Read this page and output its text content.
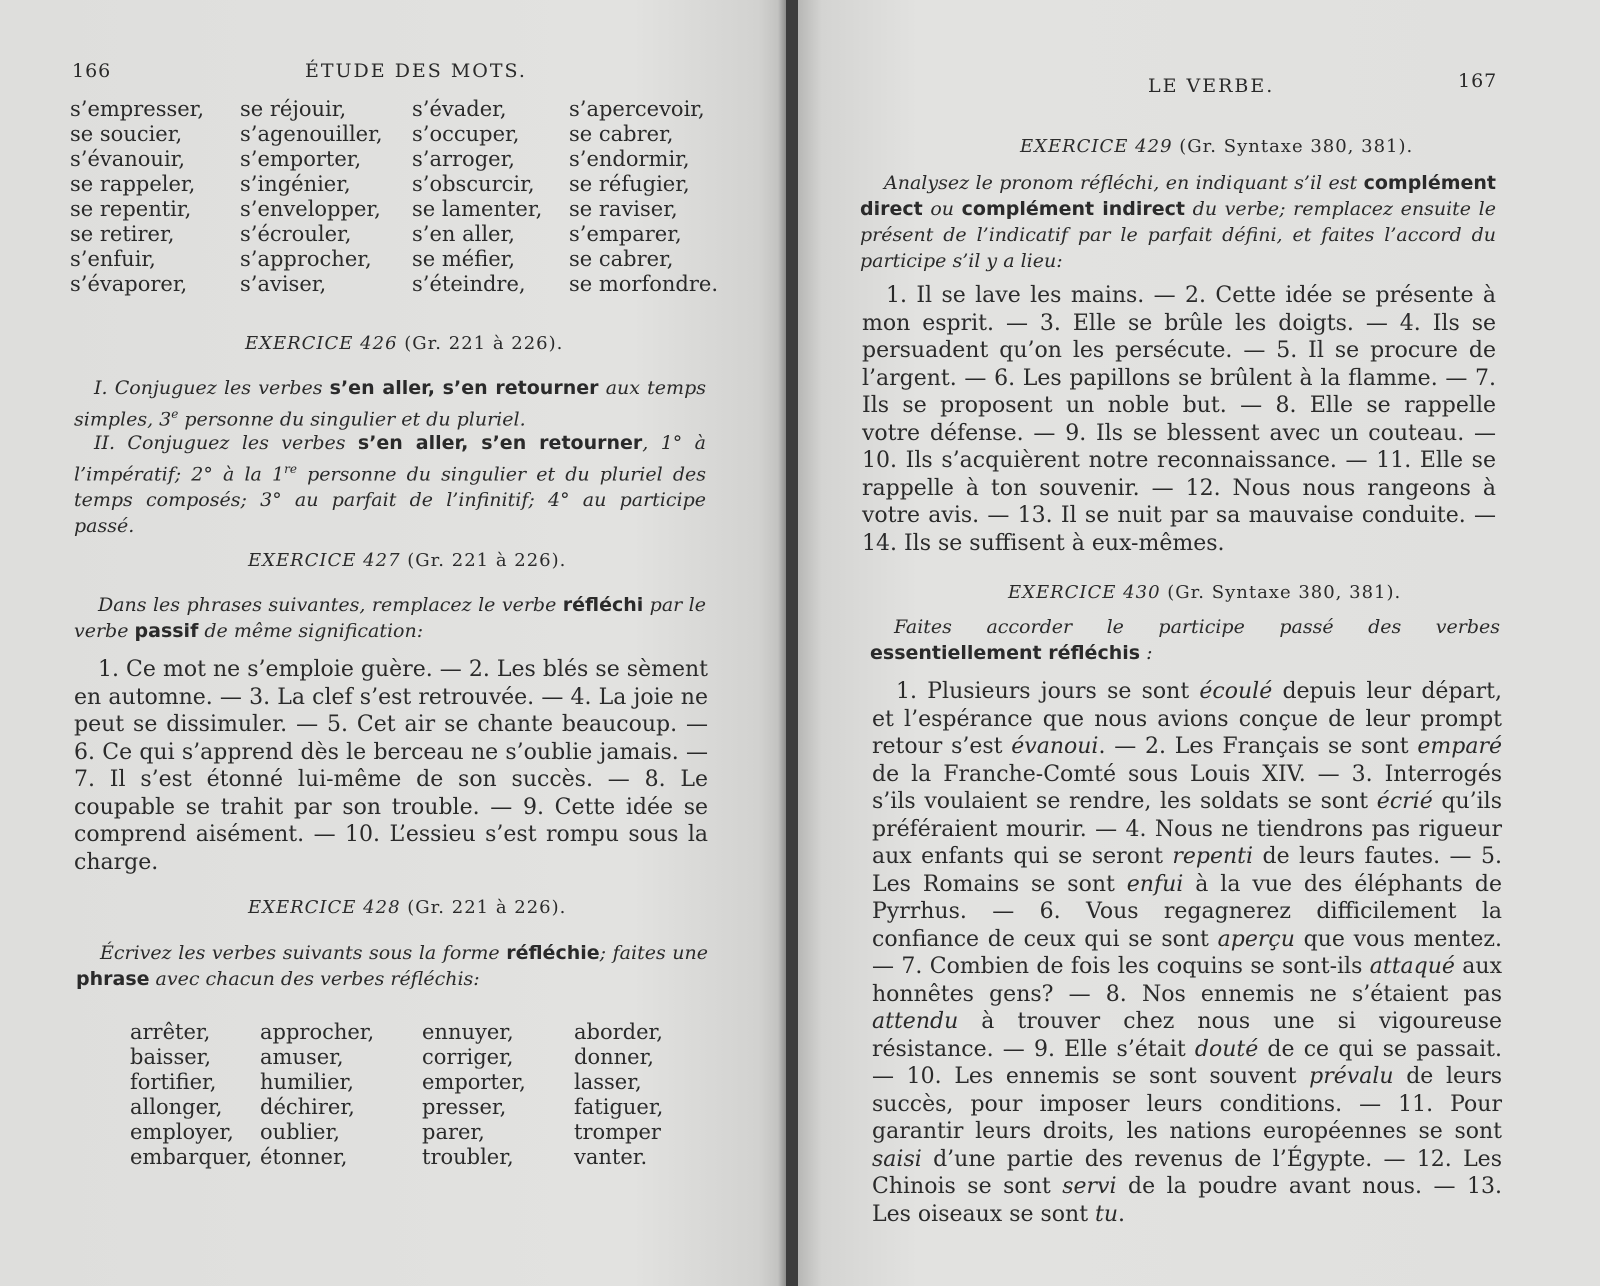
166	ÉTUDE DES MOTS.
s’empresser,	se réjouir,	s’évader,	s’apercevoir,
se soucier,	s’agenouiller,	s’occuper,	se cabrer,
s’évanouir,	s’emporter,	s’arroger,	s’endormir,
se rappeler,	s’ingénier,	s’obscurcir,	se réfugier,
se repentir,	s’envelopper,	se lamenter,	se raviser,
se retirer,	s’écrouler,	s’en aller,	s’emparer,
s’enfuir,	s’approcher,	se méfier,	se cabrer,
s’évaporer,	s’aviser,	s’éteindre,	se morfondre.
EXERCICE 426 (Gr. 221 à 226).
I. Conjuguez les verbes s’en aller, s’en retourner aux temps simples, 3e personne du singulier et du pluriel.
II. Conjuguez les verbes s’en aller, s’en retourner, 1° à l’impératif; 2° à la 1re personne du singulier et du pluriel des temps composés; 3° au parfait de l’infinitif; 4° au participe passé.
EXERCICE 427 (Gr. 221 à 226).
Dans les phrases suivantes, remplacez le verbe réfléchi par le verbe passif de même signification:
1. Ce mot ne s’emploie guère. — 2. Les blés se sèment en automne. — 3. La clef s’est retrouvée. — 4. La joie ne peut se dissimuler. — 5. Cet air se chante beaucoup. — 6. Ce qui s’apprend dès le berceau ne s’oublie jamais. — 7. Il s’est étonné lui-même de son succès. — 8. Le coupable se trahit par son trouble. — 9. Cette idée se comprend aisément. — 10. L’essieu s’est rompu sous la charge.
EXERCICE 428 (Gr. 221 à 226).
Écrivez les verbes suivants sous la forme réfléchie; faites une phrase avec chacun des verbes réfléchis:
arrêter,	approcher,	ennuyer,	aborder,
baisser,	amuser,	corriger,	donner,
fortifier,	humilier,	emporter,	lasser,
allonger,	déchirer,	presser,	fatiguer,
employer,	oublier,	parer,	tromper
embarquer, étonner,	troubler,	vanter.
LE VERBE.	167
EXERCICE 429 (Gr. Syntaxe 380, 381).
Analysez le pronom réfléchi, en indiquant s’il est complément direct ou complément indirect du verbe; remplacez ensuite le présent de l’indicatif par le parfait défini, et faites l’accord du participe s’il y a lieu:
1. Il se lave les mains. — 2. Cette idée se présente à mon esprit. — 3. Elle se brûle les doigts. — 4. Ils se persuadent qu’on les persécute. — 5. Il se procure de l’argent. — 6. Les papillons se brûlent à la flamme. — 7. Ils se proposent un noble but. — 8. Elle se rappelle votre défense. — 9. Ils se blessent avec un couteau. — 10. Ils s’acquièrent notre reconnaissance. — 11. Elle se rappelle à ton souvenir. — 12. Nous nous rangeons à votre avis. — 13. Il se nuit par sa mauvaise conduite. — 14. Ils se suffisent à eux-mêmes.
EXERCICE 430 (Gr. Syntaxe 380, 381).
Faites accorder le participe passé des verbes essentiellement réfléchis :
1. Plusieurs jours se sont écoulé depuis leur départ, et l’espérance que nous avions conçue de leur prompt retour s’est évanoui. — 2. Les Français se sont emparé de la Franche-Comté sous Louis XIV. — 3. Interrogés s’ils voulaient se rendre, les soldats se sont écrié qu’ils préféraient mourir. — 4. Nous ne tiendrons pas rigueur aux enfants qui se seront repenti de leurs fautes. — 5. Les Romains se sont enfui à la vue des éléphants de Pyrrhus. — 6. Vous regagnerez difficilement la confiance de ceux qui se sont aperçu que vous mentez. — 7. Combien de fois les coquins se sont-ils attaqué aux honnêtes gens? — 8. Nos ennemis ne s’étaient pas attendu à trouver chez nous une si vigoureuse résistance. — 9. Elle s’était douté de ce qui se passait. — 10. Les ennemis se sont souvent prévalu de leurs succès, pour imposer leurs conditions. — 11. Pour garantir leurs droits, les nations européennes se sont saisi d’une partie des revenus de l’Égypte. — 12. Les Chinois se sont servi de la poudre avant nous. — 13. Les oiseaux se sont tu.
